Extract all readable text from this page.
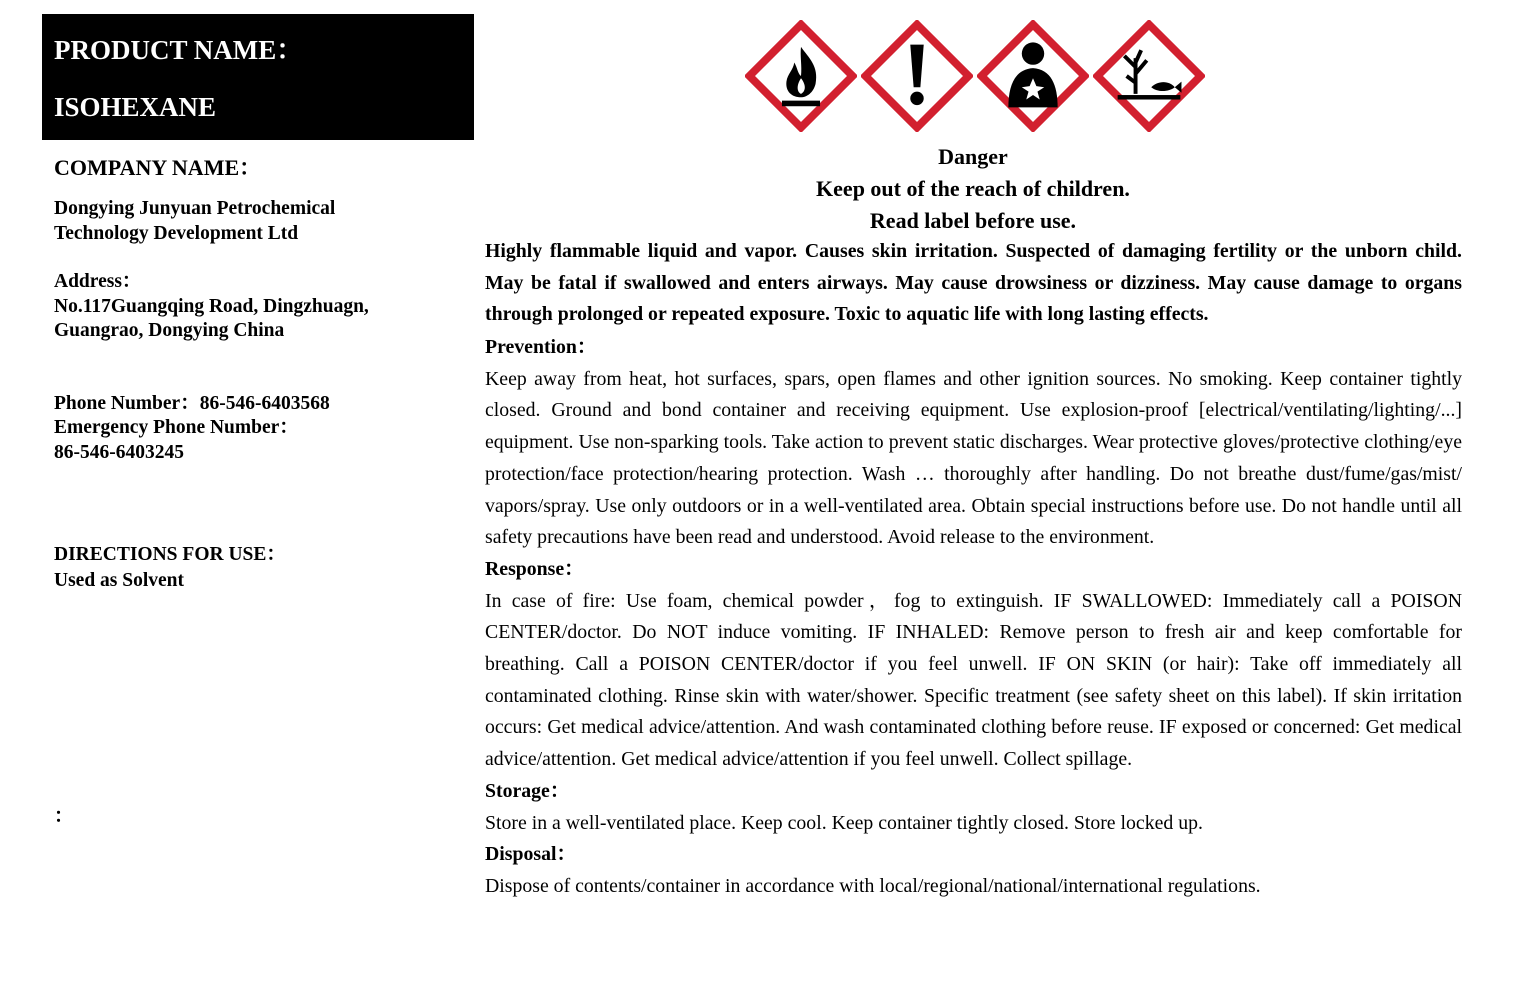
PRODUCT NAME：
ISOHEXANE
COMPANY NAME：
Dongying Junyuan Petrochemical
Technology Development Ltd
Address：
No.117Guangqing Road, Dingzhuagn,
Guangrao, Dongying China
Phone Number：86-546-6403568
Emergency Phone Number：
86-546-6403245
DIRECTIONS FOR USE：
Used as Solvent
：
Danger
Keep out of the reach of children.
Read label before use.

Highly flammable liquid and vapor. Causes skin irritation. Suspected of damaging fertility or the unborn child. May be fatal if swallowed and enters airways. May cause drowsiness or dizziness. May cause damage to organs through prolonged or repeated exposure. Toxic to aquatic life with long lasting effects.

Prevention：

Keep away from heat, hot surfaces, spars, open flames and other ignition sources. No smoking. Keep container tightly closed. Ground and bond container and receiving equipment. Use explosion-proof [electrical/ventilating/lighting/...] equipment. Use non-sparking tools. Take action to prevent static discharges. Wear protective gloves/protective clothing/eye protection/face protection/hearing protection. Wash … thoroughly after handling. Do not breathe dust/fume/gas/mist/ vapors/spray. Use only outdoors or in a well-ventilated area. Obtain special instructions before use. Do not handle until all safety precautions have been read and understood. Avoid release to the environment.

Response：

In case of fire: Use foam, chemical powder，fog to extinguish. IF SWALLOWED: Immediately call a POISON CENTER/doctor. Do NOT induce vomiting. IF INHALED: Remove person to fresh air and keep comfortable for breathing. Call a POISON CENTER/doctor if you feel unwell. IF ON SKIN (or hair): Take off immediately all contaminated clothing. Rinse skin with water/shower. Specific treatment (see safety sheet on this label). If skin irritation occurs: Get medical advice/attention. And wash contaminated clothing before reuse. IF exposed or concerned: Get medical advice/attention. Get medical advice/attention if you feel unwell. Collect spillage.

Storage：

Store in a well-ventilated place. Keep cool. Keep container tightly closed. Store locked up.

Disposal：

Dispose of contents/container in accordance with local/regional/national/international regulations.
